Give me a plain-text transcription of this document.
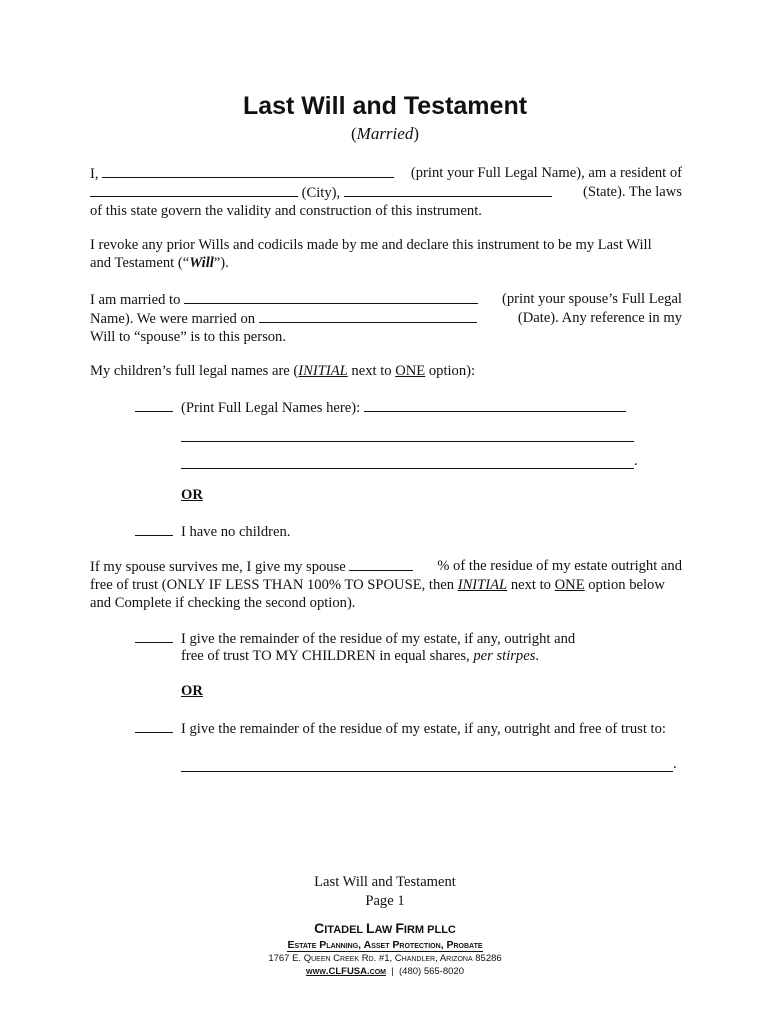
Last Will and Testament
(Married)
I,	(print your Full Legal Name), am a resident of
(City),	(State). The laws
of this state govern the validity and construction of this instrument.
I revoke any prior Wills and codicils made by me and declare this instrument to be my Last Will
and Testament (“Will”).
I am married to	(print your spouse’s Full Legal
Name). We were married on	(Date). Any reference in my
Will to “spouse” is to this person.
My children’s full legal names are (INITIAL next to ONE option):
(Print Full Legal Names here):
.
OR
I have no children.
If my spouse survives me, I give my spouse	% of the residue of my estate outright and
free of trust (ONLY IF LESS THAN 100% TO SPOUSE, then INITIAL next to ONE option below
and Complete if checking the second option).
I give the remainder of the residue of my estate, if any, outright and
free of trust TO MY CHILDREN in equal shares, per stirpes.
OR
I give the remainder of the residue of my estate, if any, outright and free of trust to:
.
Last Will and Testament
Page 1
CITADEL LAW FIRM PLLC
Estate Planning, Asset Protection, Probate
1767 E. Queen Creek Rd. #1, Chandler, Arizona 85286
www.CLFUSA.com | (480) 565-8020
